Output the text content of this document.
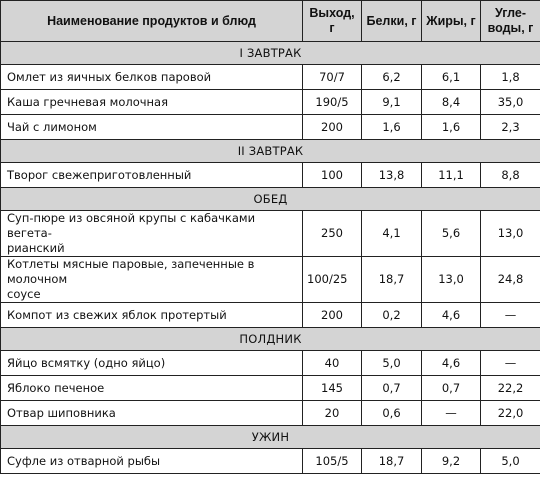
Наименование продуктов и блюд	Выход, г	Белки, г	Жиры, г	Угле-воды, г
I ЗАВТРАК				
Омлет из яичных белков паровой	70/7	6,2	6,1	1,8
Каша гречневая молочная	190/5	9,1	8,4	35,0
Чай с лимоном	200	1,6	1,6	2,3
II ЗАВТРАК				
Творог свежеприготовленный	100	13,8	11,1	8,8
ОБЕД				
Суп-пюре из овсяной крупы с кабачками вегета-
рианский	250	4,1	5,6	13,0
Котлеты мясные паровые, запеченные в молочном
соусе	100/25	18,7	13,0	24,8
Компот из свежих яблок протертый	200	0,2	4,6	—
ПОЛДНИК				
Яйцо всмятку (одно яйцо)	40	5,0	4,6	—
Яблоко печеное	145	0,7	0,7	22,2
Отвар шиповника	20	0,6	—	22,0
УЖИН				
Суфле из отварной рыбы	105/5	18,7	9,2	5,0
